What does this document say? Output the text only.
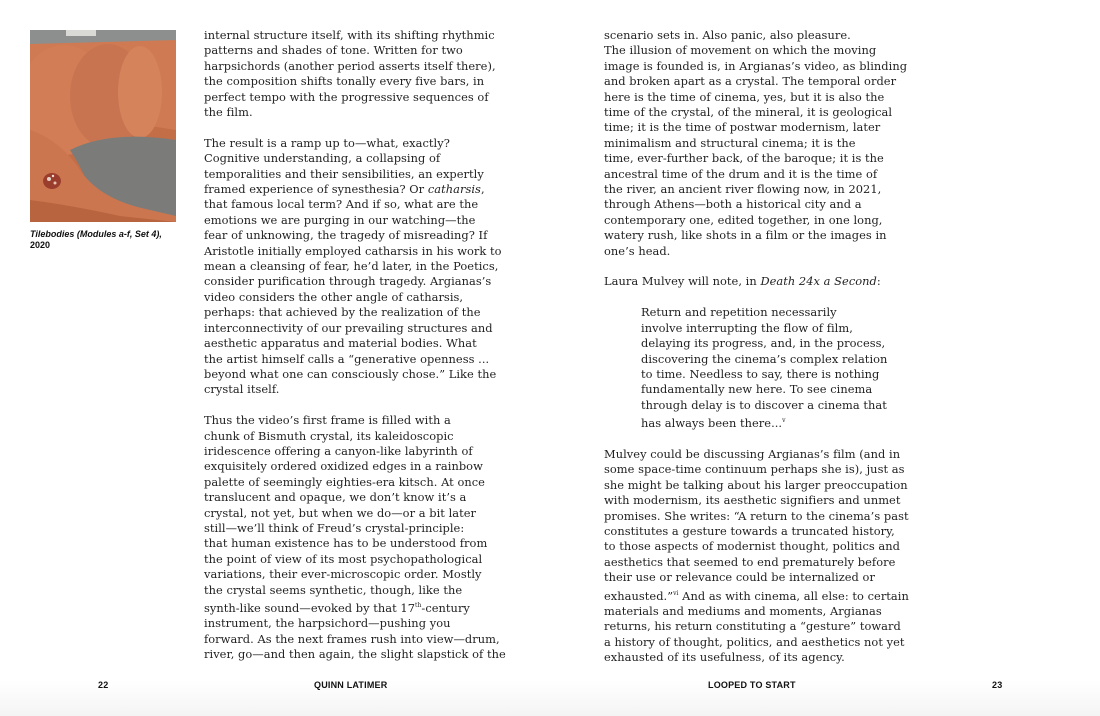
Tilebodies (Modules a-f, Set 4),
2020

internal structure itself, with its shifting rhythmic
patterns and shades of tone. Written for two
harpsichords (another period asserts itself there),
the composition shifts tonally every five bars, in
perfect tempo with the progressive sequences of
the film.

The result is a ramp up to—what, exactly?
Cognitive understanding, a collapsing of
temporalities and their sensibilities, an expertly
framed experience of synesthesia? Or catharsis,
that famous local term? And if so, what are the
emotions we are purging in our watching—the
fear of unknowing, the tragedy of misreading? If
Aristotle initially employed catharsis in his work to
mean a cleansing of fear, he’d later, in the Poetics,
consider purification through tragedy. Argianas’s
video considers the other angle of catharsis,
perhaps: that achieved by the realization of the
interconnectivity of our prevailing structures and
aesthetic apparatus and material bodies. What
the artist himself calls a “generative openness ...
beyond what one can consciously chose.” Like the
crystal itself.

Thus the video’s first frame is filled with a
chunk of Bismuth crystal, its kaleidoscopic
iridescence offering a canyon-like labyrinth of
exquisitely ordered oxidized edges in a rainbow
palette of seemingly eighties-era kitsch. At once
translucent and opaque, we don’t know it’s a
crystal, not yet, but when we do—or a bit later
still—we’ll think of Freud’s crystal-principle:
that human existence has to be understood from
the point of view of its most psychopathological
variations, their ever-microscopic order. Mostly
the crystal seems synthetic, though, like the
synth-like sound—evoked by that 17th-century
instrument, the harpsichord—pushing you
forward. As the next frames rush into view—drum,
river, go—and then again, the slight slapstick of the

22	QUINN LATIMER

scenario sets in. Also panic, also pleasure.
The illusion of movement on which the moving
image is founded is, in Argianas’s video, as blinding
and broken apart as a crystal. The temporal order
here is the time of cinema, yes, but it is also the
time of the crystal, of the mineral, it is geological
time; it is the time of postwar modernism, later
minimalism and structural cinema; it is the
time, ever-further back, of the baroque; it is the
ancestral time of the drum and it is the time of
the river, an ancient river flowing now, in 2021,
through Athens—both a historical city and a
contemporary one, edited together, in one long,
watery rush, like shots in a film or the images in
one’s head.

Laura Mulvey will note, in Death 24x a Second:

Return and repetition necessarily
involve interrupting the flow of film,
delaying its progress, and, in the process,
discovering the cinema’s complex relation
to time. Needless to say, there is nothing
fundamentally new here. To see cinema
through delay is to discover a cinema that
has always been there...$^v$

Mulvey could be discussing Argianas’s film (and in
some space-time continuum perhaps she is), just as
she might be talking about his larger preoccupation
with modernism, its aesthetic signifiers and unmet
promises. She writes: “A return to the cinema’s past
constitutes a gesture towards a truncated history,
to those aspects of modernist thought, politics and
aesthetics that seemed to end prematurely before
their use or relevance could be internalized or
exhausted.”$^{vi}$ And as with cinema, all else: to certain
materials and mediums and moments, Argianas
returns, his return constituting a “gesture” toward
a history of thought, politics, and aesthetics not yet
exhausted of its usefulness, of its agency.

LOOPED TO START	23
